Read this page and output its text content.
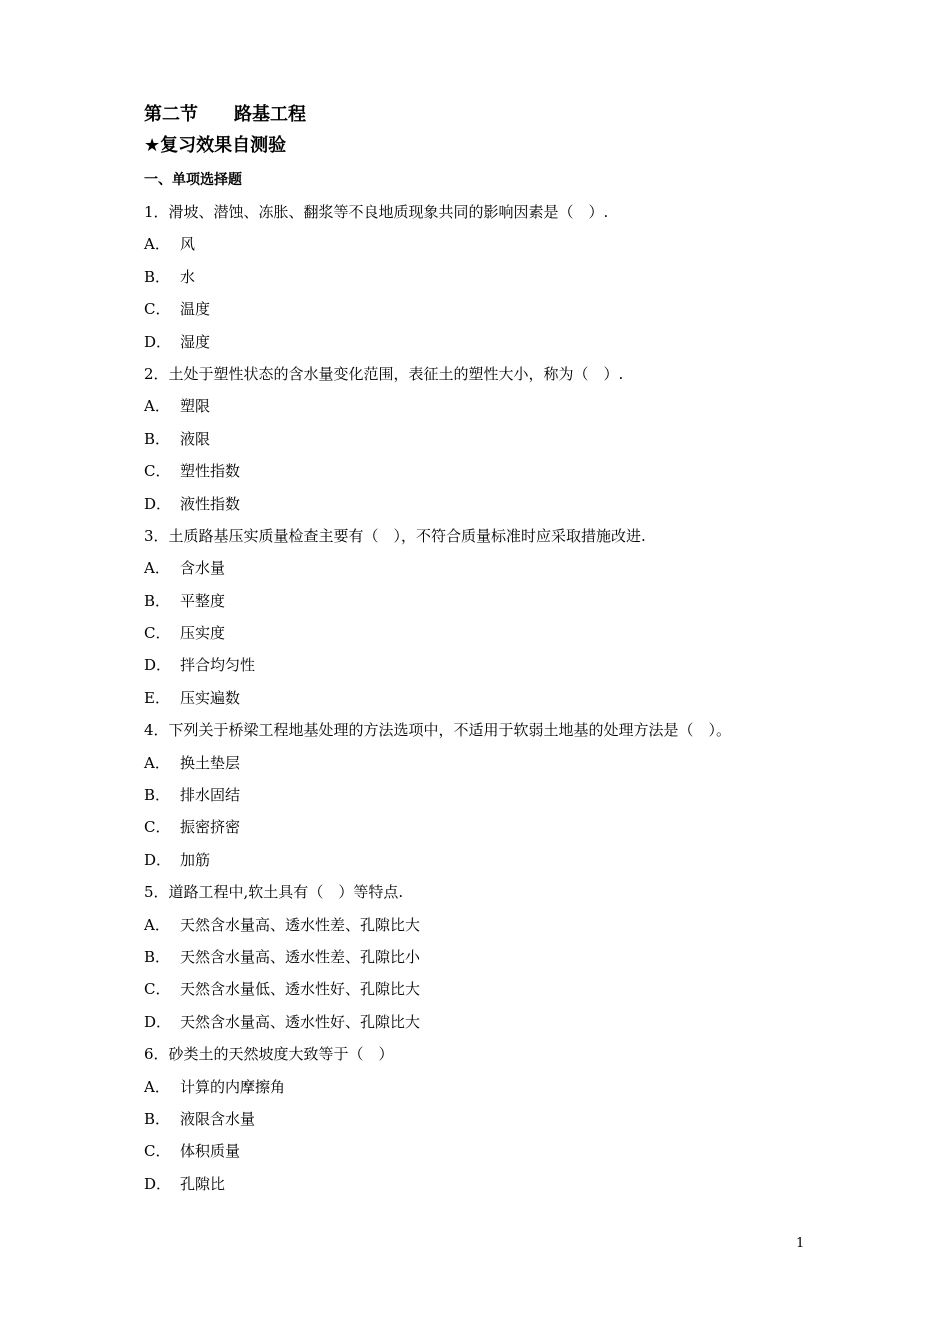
第二节　　路基工程
★复习效果自测验
一、单项选择题
1．滑坡、潜蚀、冻胀、翻浆等不良地质现象共同的影响因素是（　）.
A． 风
B． 水
C． 温度
D． 湿度
2．土处于塑性状态的含水量变化范围，表征土的塑性大小，称为（　）.
A． 塑限
B． 液限
C． 塑性指数
D． 液性指数
3．土质路基压实质量检查主要有（　），不符合质量标准时应采取措施改进.
A． 含水量
B． 平整度
C． 压实度
D． 拌合均匀性
E． 压实遍数
4．下列关于桥梁工程地基处理的方法选项中，不适用于软弱土地基的处理方法是（　）。
A． 换土垫层
B． 排水固结
C． 振密挤密
D． 加筋
5．道路工程中,软土具有（　）等特点.
A． 天然含水量高、透水性差、孔隙比大
B． 天然含水量高、透水性差、孔隙比小
C． 天然含水量低、透水性好、孔隙比大
D． 天然含水量高、透水性好、孔隙比大
6．砂类土的天然坡度大致等于（　）
A． 计算的内摩擦角
B． 液限含水量
C． 体积质量
D． 孔隙比
1
